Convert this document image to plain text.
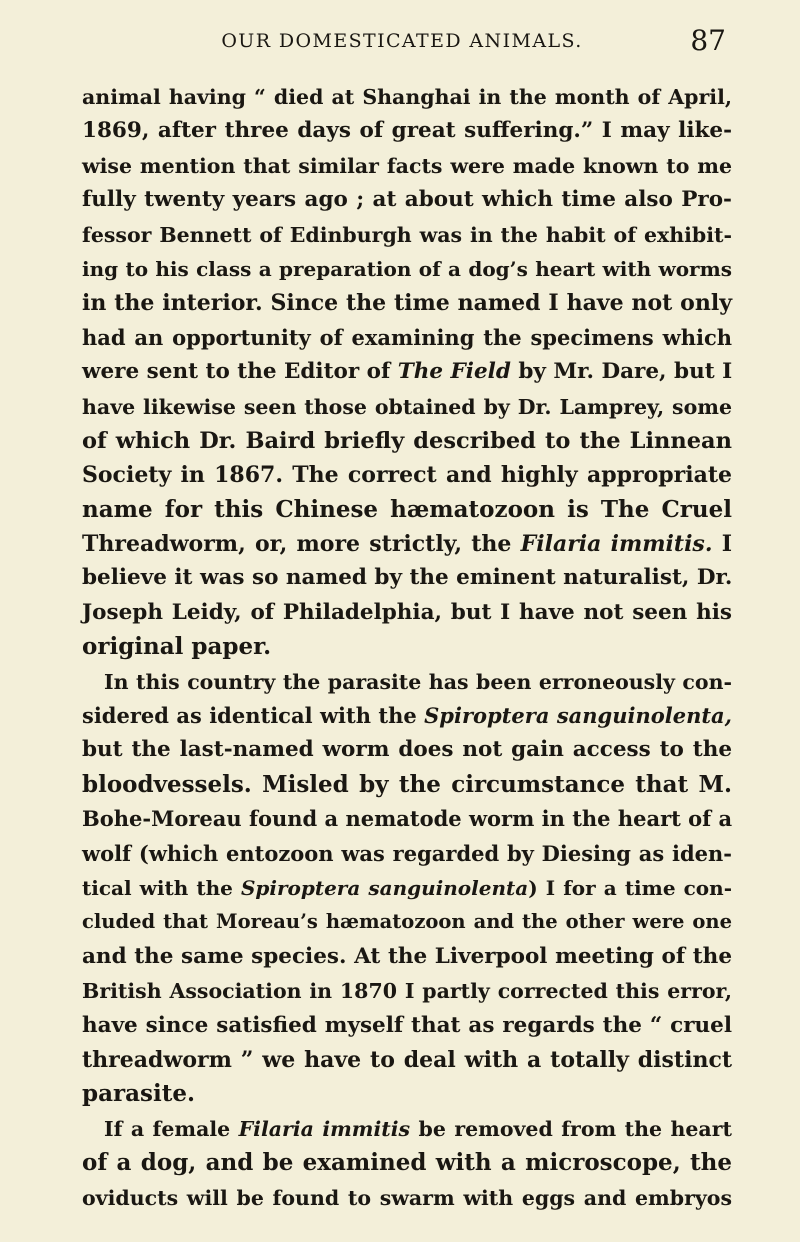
OUR DOMESTICATED ANIMALS.	87
animal having “ died at Shanghai in the month of April,
1869, after three days of great suffering.” I may like-
wise mention that similar facts were made known to me
fully twenty years ago ; at about which time also Pro-
fessor Bennett of Edinburgh was in the habit of exhibit-
ing to his class a preparation of a dog’s heart with worms
in the interior. Since the time named I have not only
had an opportunity of examining the specimens which
were sent to the Editor of The Field by Mr. Dare, but I
have likewise seen those obtained by Dr. Lamprey, some
of which Dr. Baird briefly described to the Linnean
Society in 1867. The correct and highly appropriate
name for this Chinese hæmatozoon is The Cruel
Threadworm, or, more strictly, the Filaria immitis. I
believe it was so named by the eminent naturalist, Dr.
Joseph Leidy, of Philadelphia, but I have not seen his
original paper.
In this country the parasite has been erroneously con-
sidered as identical with the Spiroptera sanguinolenta,
but the last-named worm does not gain access to the
bloodvessels. Misled by the circumstance that M.
Bohe-Moreau found a nematode worm in the heart of a
wolf (which entozoon was regarded by Diesing as iden-
tical with the Spiroptera sanguinolenta) I for a time con-
cluded that Moreau’s hæmatozoon and the other were one
and the same species. At the Liverpool meeting of the
British Association in 1870 I partly corrected this error,
have since satisfied myself that as regards the “ cruel
threadworm ” we have to deal with a totally distinct
parasite.
If a female Filaria immitis be removed from the heart
of a dog, and be examined with a microscope, the
oviducts will be found to swarm with eggs and embryos
